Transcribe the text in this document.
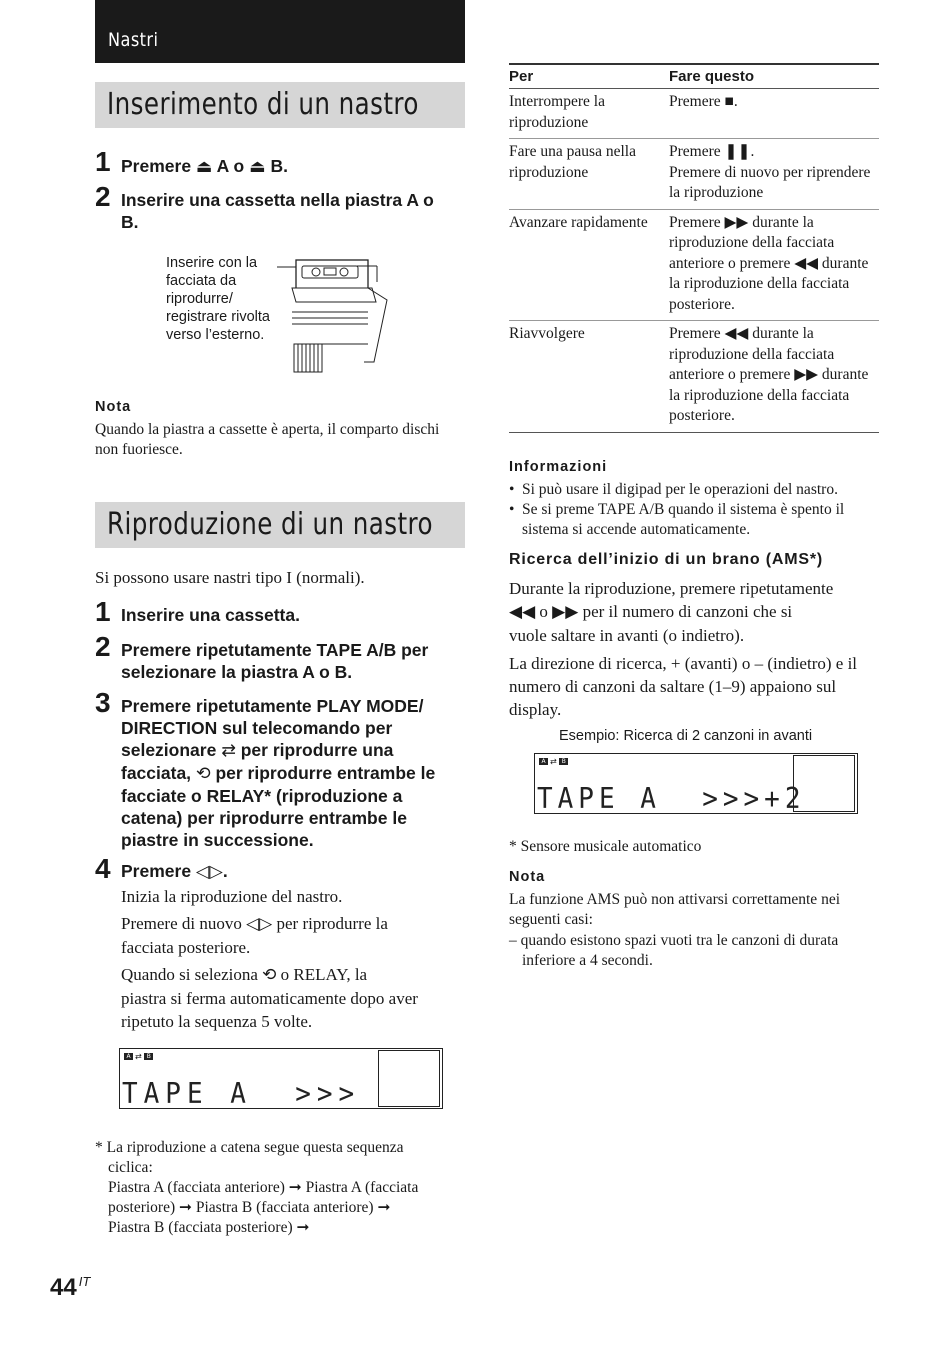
Nastri
Inserimento di un nastro
1 Premere ⏏ A o ⏏ B.
2 Inserire una cassetta nella piastra A o B.
Inserire con la facciata da riprodurre/ registrare rivolta verso l’esterno.
Nota
Quando la piastra a cassette è aperta, il comparto dischi non fuoriesce.
Riproduzione di un nastro
Si possono usare nastri tipo I (normali).
1 Inserire una cassetta.
2 Premere ripetutamente TAPE A/B per selezionare la piastra A o B.
3 Premere ripetutamente PLAY MODE/
DIRECTION sul telecomando per
selezionare ⇄ per riprodurre una
facciata, ⟲ per riprodurre entrambe le
facciate o RELAY* (riproduzione a
catena) per riprodurre entrambe le
piastre in successione.
4 Premere ◁▷.
Inizia la riproduzione del nastro.
Premere di nuovo ◁▷ per riprodurre la
facciata posteriore.
Quando si seleziona ⟲ o RELAY, la
piastra si ferma automaticamente dopo aver
ripetuto la sequenza 5 volte.
A ⇄ B
TAPE A  >>>
* La riproduzione a catena segue questa sequenza
ciclica:
Piastra A (facciata anteriore) ➞ Piastra A (facciata
posteriore) ➞ Piastra B (facciata anteriore) ➞
Piastra B (facciata posteriore) ➞
44 $^{IT}$
Per	Fare questo
Interrompere la riproduzione	Premere ■.
Fare una pausa nella riproduzione	Premere ❚❚.
Premere di nuovo per riprendere la riproduzione
Avanzare rapidamente	Premere ▶▶ durante la riproduzione della facciata anteriore o premere ◀◀ durante la riproduzione della facciata posteriore.
Riavvolgere	Premere ◀◀ durante la riproduzione della facciata anteriore o premere ▶▶ durante la riproduzione della facciata posteriore.
Informazioni
• Si può usare il digipad per le operazioni del nastro.
• Se si preme TAPE A/B quando il sistema è spento il sistema si accende automaticamente.
Ricerca dell’inizio di un brano (AMS*)
Durante la riproduzione, premere ripetutamente
◀◀ o ▶▶ per il numero di canzoni che si
vuole saltare in avanti (o indietro).
La direzione di ricerca, + (avanti) o – (indietro) e il numero di canzoni da saltare (1–9) appaiono sul display.
Esempio: Ricerca di 2 canzoni in avanti
A ⇄ B
TAPE A  >>>+2
* Sensore musicale automatico
Nota
La funzione AMS può non attivarsi correttamente nei seguenti casi:
– quando esistono spazi vuoti tra le canzoni di durata inferiore a 4 secondi.
